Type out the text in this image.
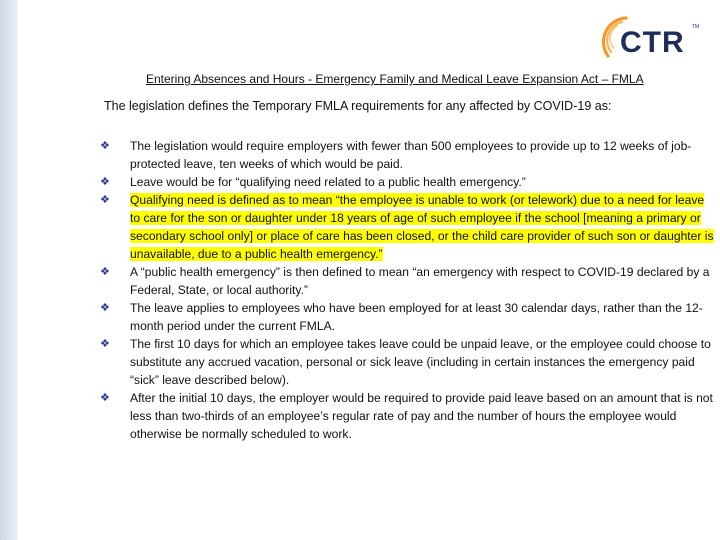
CTR TM
Entering Absences and Hours - Emergency Family and Medical Leave Expansion Act – FMLA
The legislation defines the Temporary FMLA requirements for any affected by COVID-19 as:
❖	The legislation would require employers with fewer than 500 employees to provide up to 12 weeks of job-protected leave, ten weeks of which would be paid.
❖	Leave would be for “qualifying need related to a public health emergency.”
❖	Qualifying need is defined as to mean “the employee is unable to work (or telework) due to a need for leave to care for the son or daughter under 18 years of age of such employee if the school [meaning a primary or secondary school only] or place of care has been closed, or the child care provider of such son or daughter is unavailable, due to a public health emergency.”
❖	A “public health emergency” is then defined to mean “an emergency with respect to COVID-19 declared by a Federal, State, or local authority.”
❖	The leave applies to employees who have been employed for at least 30 calendar days, rather than the 12-month period under the current FMLA.
❖	The first 10 days for which an employee takes leave could be unpaid leave, or the employee could choose to substitute any accrued vacation, personal or sick leave (including in certain instances the emergency paid “sick” leave described below).
❖	After the initial 10 days, the employer would be required to provide paid leave based on an amount that is not less than two-thirds of an employee’s regular rate of pay and the number of hours the employee would otherwise be normally scheduled to work.
